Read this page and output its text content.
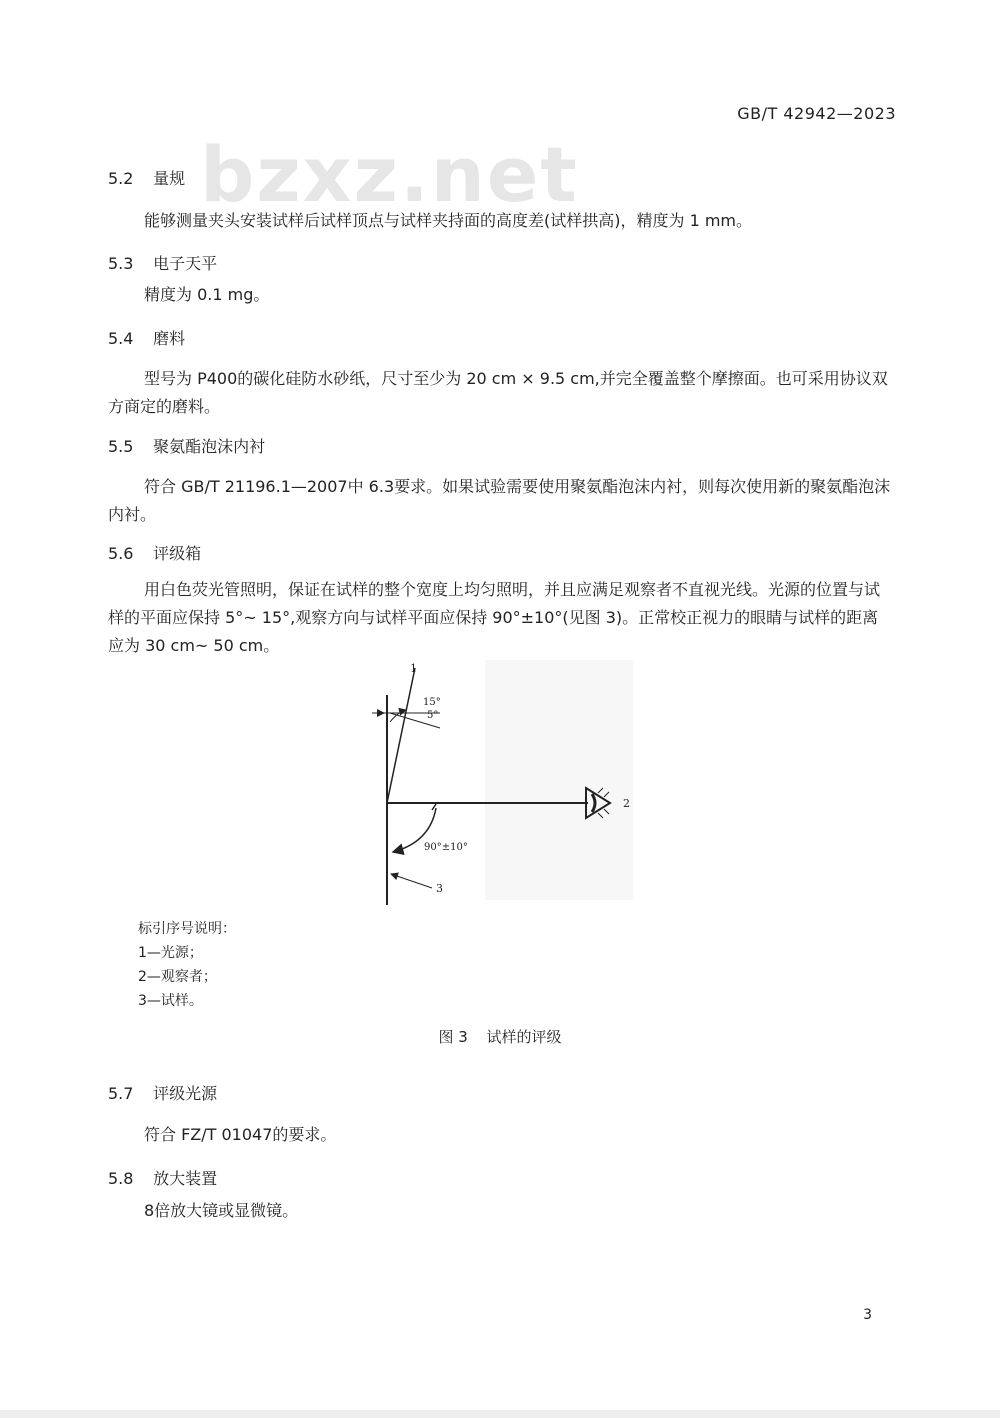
bzxz.net
GB/T 42942—2023
5.2 量规
能够测量夹头安装试样后试样顶点与试样夹持面的高度差(试样拱高)，精度为 1 mm。
5.3 电子天平
精度为 0.1 mg。
5.4 磨料
型号为 P400的碳化硅防水砂纸，尺寸至少为 20 cm × 9.5 cm,并完全覆盖整个摩擦面。也可采用协议双方商定的磨料。
5.5 聚氨酯泡沫内衬
符合 GB/T 21196.1—2007中 6.3要求。如果试验需要使用聚氨酯泡沫内衬，则每次使用新的聚氨酯泡沫内衬。
5.6 评级箱
用白色荧光管照明，保证在试样的整个宽度上均匀照明，并且应满足观察者不直视光线。光源的位置与试样的平面应保持 5°~ 15°,观察方向与试样平面应保持 90°±10°(见图 3)。正常校正视力的眼睛与试样的距离应为 30 cm~ 50 cm。
1
2
3
15°
5°
90°±10°
标引序号说明：
1—光源；
2—观察者；
3—试样。
图 3 试样的评级
5.7 评级光源
符合 FZ/T 01047的要求。
5.8 放大装置
8倍放大镜或显微镜。
3
